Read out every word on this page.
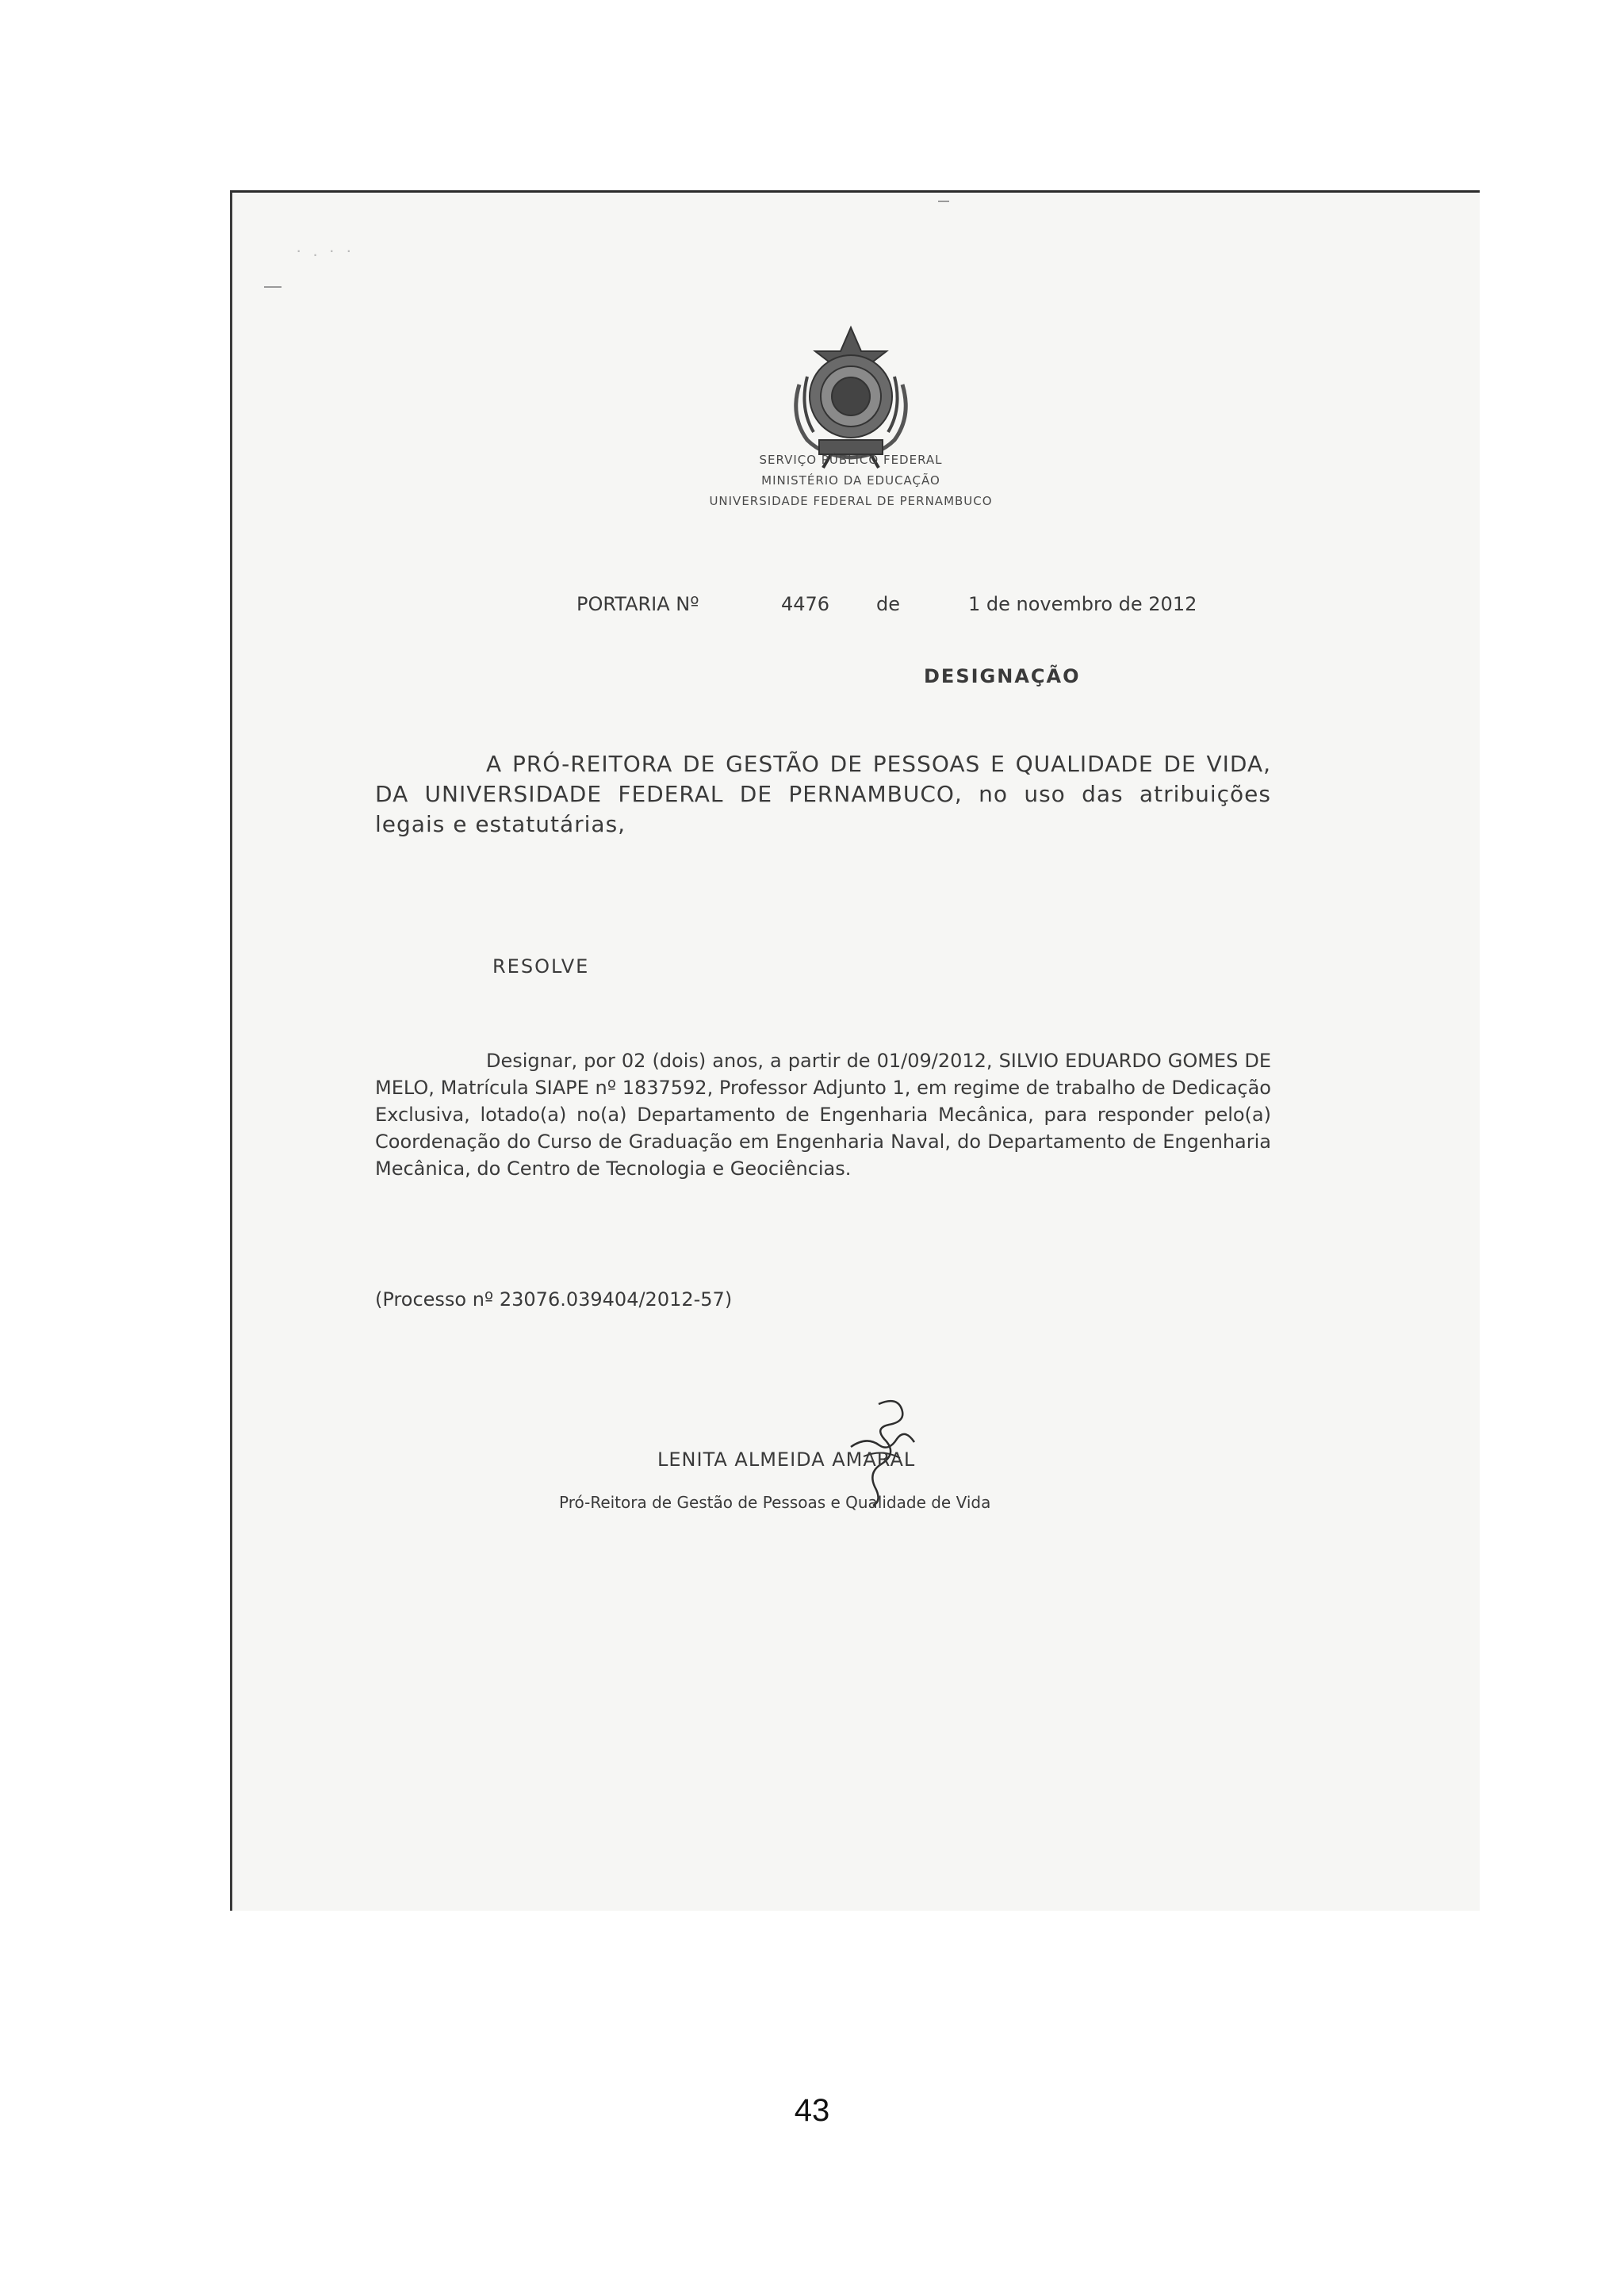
· . · ·
SERVIÇO PÚBLICO FEDERAL
MINISTÉRIO DA EDUCAÇÃO
UNIVERSIDADE FEDERAL DE PERNAMBUCO
PORTARIA Nº	4476 de	1 de novembro de 2012
DESIGNAÇÃO
A PRÓ-REITORA DE GESTÃO DE PESSOAS E QUALIDADE DE VIDA, DA UNIVERSIDADE FEDERAL DE PERNAMBUCO, no uso das atribuições legais e estatutárias,
RESOLVE
Designar, por 02 (dois) anos, a partir de 01/09/2012, SILVIO EDUARDO GOMES DE MELO, Matrícula SIAPE nº 1837592, Professor Adjunto 1, em regime de trabalho de Dedicação Exclusiva, lotado(a) no(a) Departamento de Engenharia Mecânica, para responder pelo(a) Coordenação do Curso de Graduação em Engenharia Naval, do Departamento de Engenharia Mecânica, do Centro de Tecnologia e Geociências.
(Processo nº 23076.039404/2012-57)
LENITA ALMEIDA AMARAL
Pró-Reitora de Gestão de Pessoas e Qualidade de Vida
43
